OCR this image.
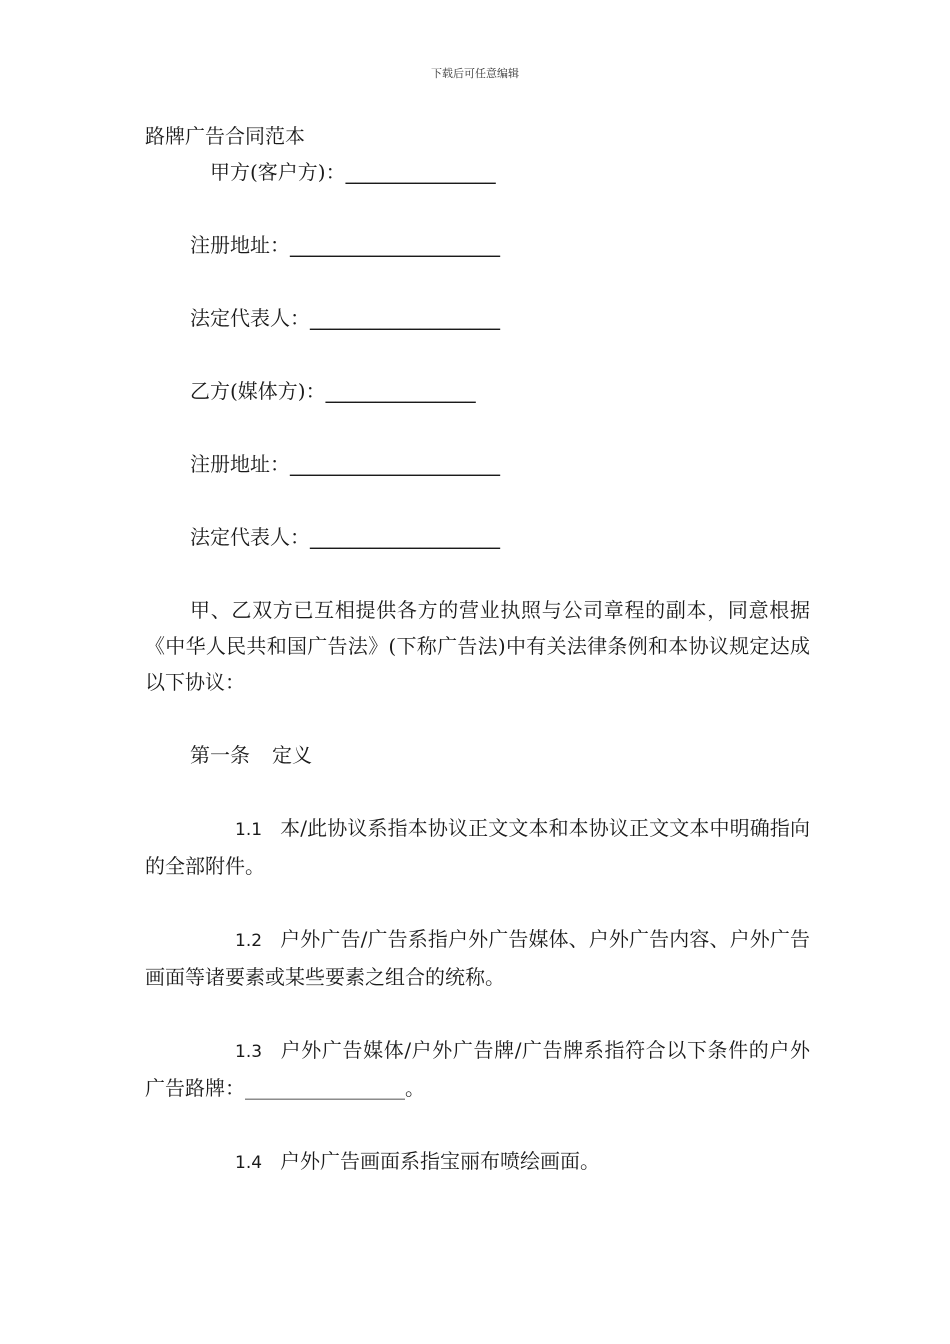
下载后可任意编辑

路牌广告合同范本

甲方(客户方)：_______________

注册地址：_____________________

法定代表人：___________________

乙方(媒体方)：_______________

注册地址：_____________________

法定代表人：___________________

甲、乙双方已互相提供各方的营业执照与公司章程的副本，同意根据《中华人民共和国广告法》(下称广告法)中有关法律条例和本协议规定达成以下协议：

第一条 定义

1.1 本/此协议系指本协议正文文本和本协议正文文本中明确指向的全部附件。

1.2 户外广告/广告系指户外广告媒体、户外广告内容、户外广告画面等诸要素或某些要素之组合的统称。

1.3 户外广告媒体/户外广告牌/广告牌系指符合以下条件的户外广告路牌：________________。

1.4 户外广告画面系指宝丽布喷绘画面。
